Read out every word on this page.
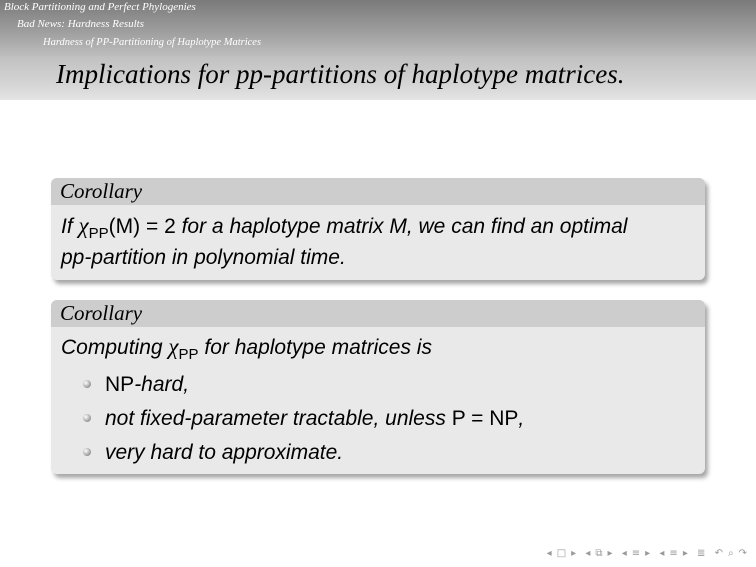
Block Partitioning and Perfect Phylogenies
Bad News: Hardness Results
Hardness of PP-Partitioning of Haplotype Matrices
Implications for pp-partitions of haplotype matrices.
Corollary
If $\chi_{PP}(M) = 2$ for a haplotype matrix M, we can find an optimal
pp-partition in polynomial time.
Corollary
Computing $\chi_{PP}$ for haplotype matrices is
NP-hard,
not fixed-parameter tractable, unless P = NP,
very hard to approximate.
◂ □ ▸ ◂ ⧉ ▸ ◂ ≡ ▸ ◂ ≡ ▸ ≣ ↶ ⌕ ↷
